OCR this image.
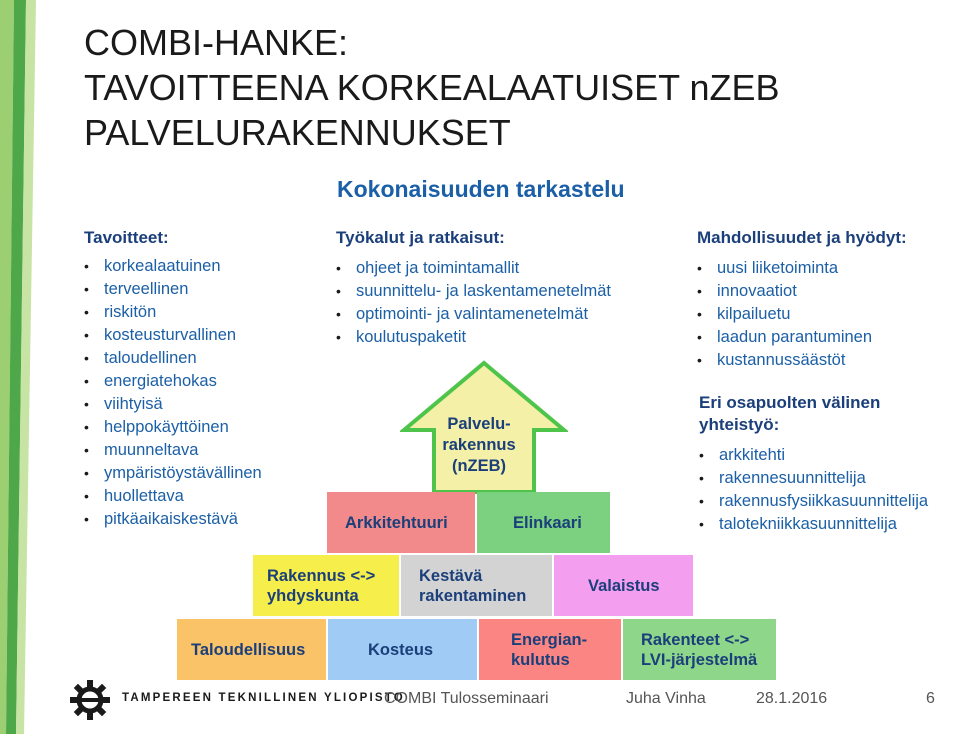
COMBI-HANKE:
TAVOITTEENA KORKEALAATUISET nZEB
PALVELURAKENNUKSET
Kokonaisuuden tarkastelu
Tavoitteet:
• korkealaatuinen
• terveellinen
• riskitön
• kosteusturvallinen
• taloudellinen
• energiatehokas
• viihtyisä
• helppokäyttöinen
• muunneltava
• ympäristöystävällinen
• huollettava
• pitkäaikaiskestävä
Työkalut ja ratkaisut:
• ohjeet ja toimintamallit
• suunnittelu- ja laskentamenetelmät
• optimointi- ja valintamenetelmät
• koulutuspaketit
Mahdollisuudet ja hyödyt:
• uusi liiketoiminta
• innovaatiot
• kilpailuetu
• laadun parantuminen
• kustannussäästöt
Eri osapuolten välinen
yhteistyö:
• arkkitehti
• rakennesuunnittelija
• rakennusfysiikkasuunnittelija
• talotekniikkasuunnittelija
Palvelu-
rakennus
(nZEB)
Arkkitehtuuri	Elinkaari
Rakennus <->
yhdyskunta
Kestävä
rakentaminen
Valaistus
Taloudellisuus	Kosteus
Energian-
kulutus
Rakenteet <->
LVI-järjestelmä
TAMPEREEN TEKNILLINEN YLIOPISTO
COMBI Tulosseminaari	Juha Vinha	28.1.2016	6
